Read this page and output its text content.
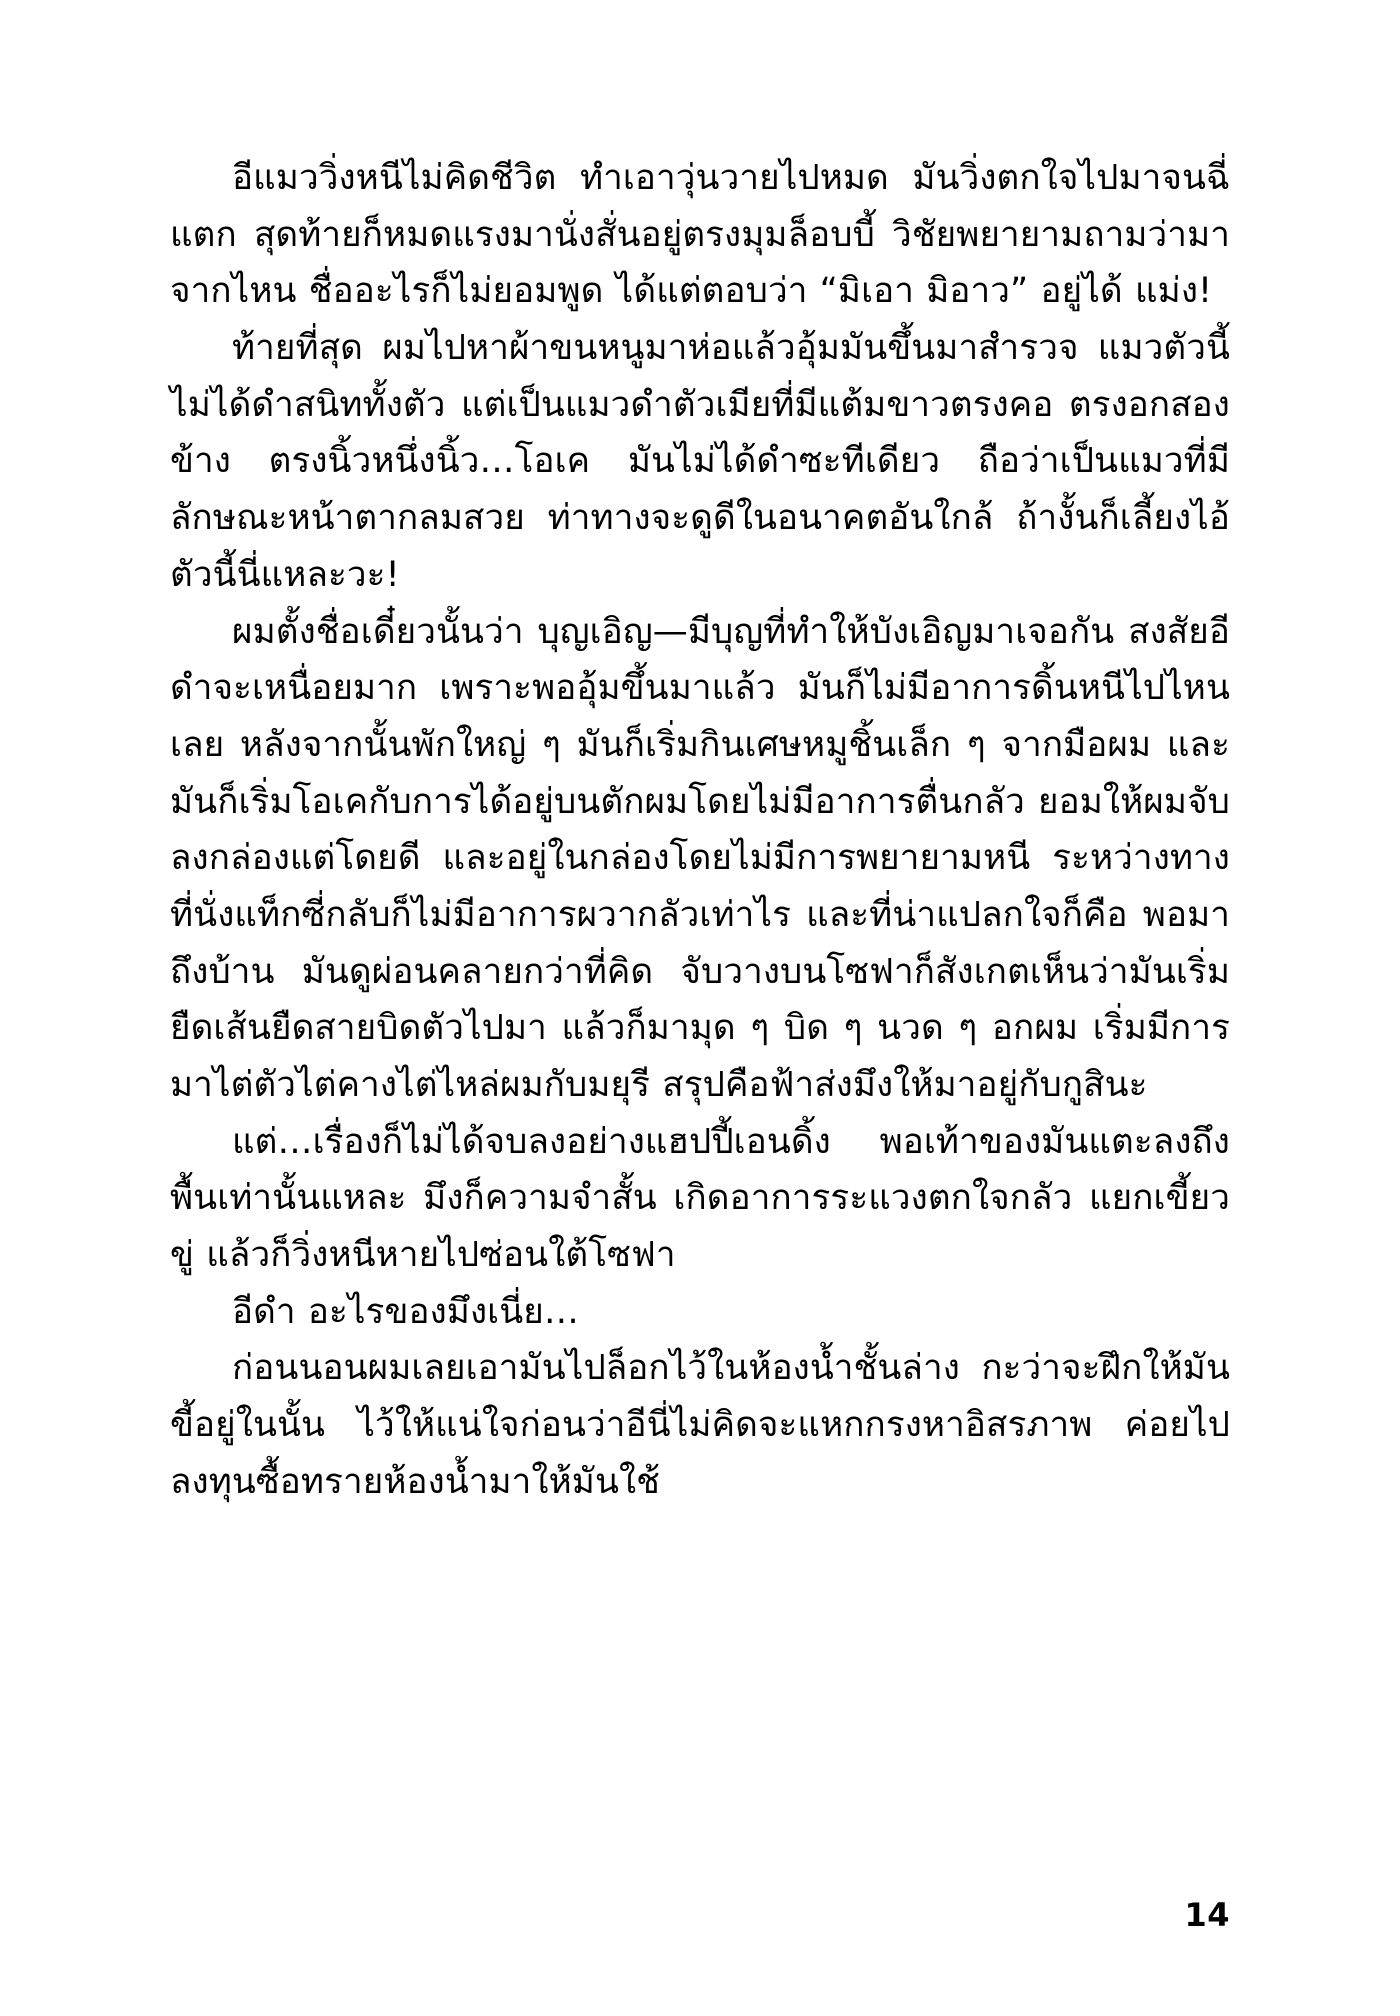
อีแมววิ่งหนีไม่คิดชีวิต ทำเอาวุ่นวายไปหมด มันวิ่งตกใจไปมาจนฉี่แตก สุดท้ายก็หมดแรงมานั่งสั่นอยู่ตรงมุมล็อบบี้ วิชัยพยายามถามว่ามาจากไหน ชื่ออะไรก็ไม่ยอมพูด ได้แต่ตอบว่า “มิเอา มิอาว” อยู่ได้ แม่ง!

ท้ายที่สุด ผมไปหาผ้าขนหนูมาห่อแล้วอุ้มมันขึ้นมาสำรวจ แมวตัวนี้ไม่ได้ดำสนิททั้งตัว แต่เป็นแมวดำตัวเมียที่มีแต้มขาวตรงคอ ตรงอกสองข้าง ตรงนิ้วหนึ่งนิ้ว…โอเค มันไม่ได้ดำซะทีเดียว ถือว่าเป็นแมวที่มีลักษณะหน้าตากลมสวย ท่าทางจะดูดีในอนาคตอันใกล้ ถ้างั้นก็เลี้ยงไอ้ตัวนี้นี่แหละวะ!

ผมตั้งชื่อเดี๋ยวนั้นว่า บุญเอิญ—มีบุญที่ทำให้บังเอิญมาเจอกัน สงสัยอีดำจะเหนื่อยมาก เพราะพออุ้มขึ้นมาแล้ว มันก็ไม่มีอาการดิ้นหนีไปไหนเลย หลังจากนั้นพักใหญ่ ๆ มันก็เริ่มกินเศษหมูชิ้นเล็ก ๆ จากมือผม และมันก็เริ่มโอเคกับการได้อยู่บนตักผมโดยไม่มีอาการตื่นกลัว ยอมให้ผมจับลงกล่องแต่โดยดี และอยู่ในกล่องโดยไม่มีการพยายามหนี ระหว่างทางที่นั่งแท็กซี่กลับก็ไม่มีอาการผวากลัวเท่าไร และที่น่าแปลกใจก็คือ พอมาถึงบ้าน มันดูผ่อนคลายกว่าที่คิด จับวางบนโซฟาก็สังเกตเห็นว่ามันเริ่มยืดเส้นยืดสายบิดตัวไปมา แล้วก็มามุด ๆ บิด ๆ นวด ๆ อกผม เริ่มมีการมาไต่ตัวไต่คางไต่ไหล่ผมกับมยุรี สรุปคือฟ้าส่งมึงให้มาอยู่กับกูสินะ

แต่…เรื่องก็ไม่ได้จบลงอย่างแฮปปี้เอนดิ้ง พอเท้าของมันแตะลงถึงพื้นเท่านั้นแหละ มึงก็ความจำสั้น เกิดอาการระแวงตกใจกลัว แยกเขี้ยวขู่ แล้วก็วิ่งหนีหายไปซ่อนใต้โซฟา

อีดำ อะไรของมึงเนี่ย…

ก่อนนอนผมเลยเอามันไปล็อกไว้ในห้องน้ำชั้นล่าง กะว่าจะฝึกให้มันขี้อยู่ในนั้น ไว้ให้แน่ใจก่อนว่าอีนี่ไม่คิดจะแหกกรงหาอิสรภาพ ค่อยไปลงทุนซื้อทรายห้องน้ำมาให้มันใช้

14
